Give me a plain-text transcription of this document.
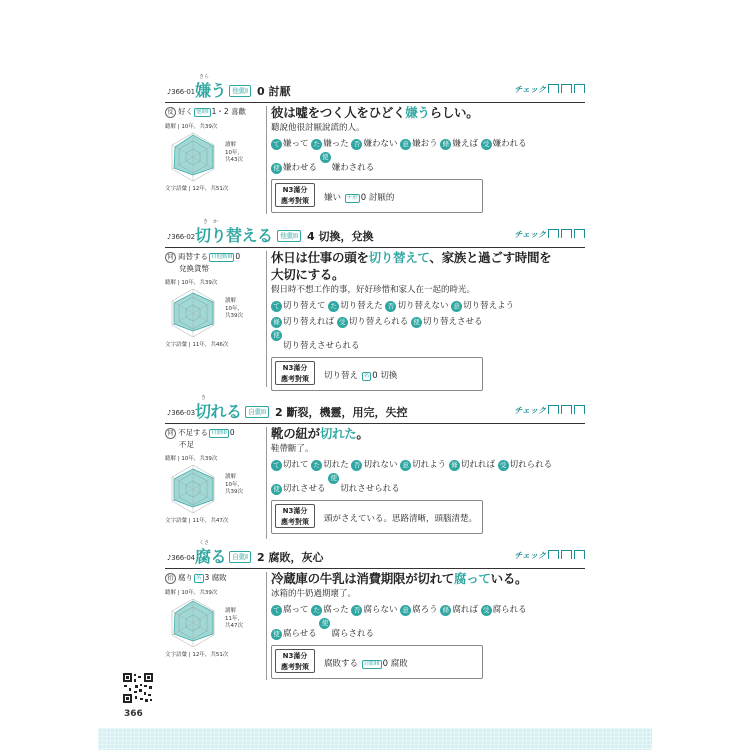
♪366-01
きら
嫌う 他動I 0 討厭	チェック
反 好く 他動I 1・2 喜歡
聽解 | 10年，共39次
讀解
10年，
共43次
文字語彙 | 12年，共51次
彼は嘘をつく人をひどく嫌うらしい。
聽說他很討厭說謊的人。
て 嫌って た 嫌った 否 嫌わない 意 嫌おう 條 嫌えば 受 嫌われる
使 嫌わせる 使受 嫌わされる
N3滿分
應考對策	嫌い ナ形 0 討厭的
♪366-02
き　か
切り替える	他動II 4 切換，兌換	チェック
同 両替する 自他動III 0
兌換貨幣
聽解 | 10年，共39次
讀解
10年，
共39次
文字語彙 | 11年，共46次
休日は仕事の頭を切り替えて、家族と過ごす時間を
大切にする。
假日時不想工作的事，好好珍惜和家人在一起的時光。
て 切り替えて た 切り替えた 否 切り替えない 意 切り替えよう
條 切り替えれば 受 切り替えられる 使 切り替えさせる
使受 切り替えさせられる
N3滿分
應考對策	切り替え 名 0 切換
♪366-03
き
切れる 自動II 2 斷裂，機靈，用完，失控	チェック
同 不足する 自動III 0
不足
聽解 | 10年，共39次
讀解
10年，
共39次
文字語彙 | 11年，共47次
靴の紐が切れた。
鞋帶斷了。
て 切れて た 切れた 否 切れない 意 切れよう 條 切れれば 受 切れられる
使 切れさせる 使受 切れさせられる
N3滿分
應考對策	頭がさえている。思路清晰，頭腦清楚。
♪366-04
くさ
腐る 自動I 2 腐敗，灰心	チェック
衍 腐り 名 3 腐敗
聽解 | 10年，共39次
讀解
11年，
共47次
文字語彙 | 12年，共51次
冷蔵庫の牛乳は消費期限が切れて腐っている。
冰箱的牛奶過期壞了。
て 腐って た 腐った 否 腐らない 意 腐ろう 條 腐れば 受 腐られる
使 腐らせる 使受 腐らされる
N3滿分
應考對策	腐敗する 自動III 0 腐敗
366
